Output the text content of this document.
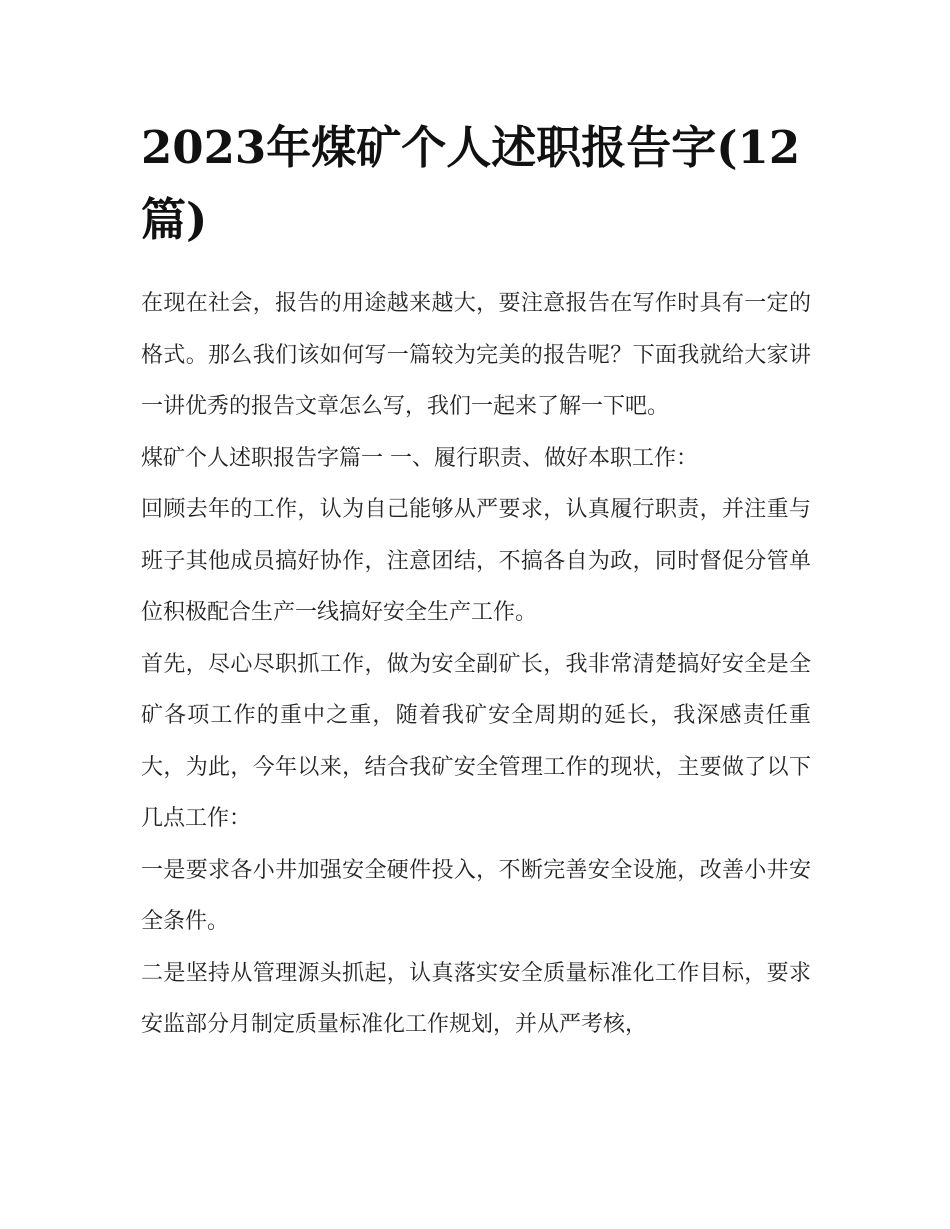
2023年煤矿个人述职报告字(12篇)

在现在社会，报告的用途越来越大，要注意报告在写作时具有一定的格式。那么我们该如何写一篇较为完美的报告呢？下面我就给大家讲一讲优秀的报告文章怎么写，我们一起来了解一下吧。

煤矿个人述职报告字篇一 一、履行职责、做好本职工作：

回顾去年的工作，认为自己能够从严要求，认真履行职责，并注重与班子其他成员搞好协作，注意团结，不搞各自为政，同时督促分管单位积极配合生产一线搞好安全生产工作。

首先，尽心尽职抓工作，做为安全副矿长，我非常清楚搞好安全是全矿各项工作的重中之重，随着我矿安全周期的延长，我深感责任重大，为此，今年以来，结合我矿安全管理工作的现状，主要做了以下几点工作：

一是要求各小井加强安全硬件投入，不断完善安全设施，改善小井安全条件。

二是坚持从管理源头抓起，认真落实安全质量标准化工作目标，要求安监部分月制定质量标准化工作规划，并从严考核，
